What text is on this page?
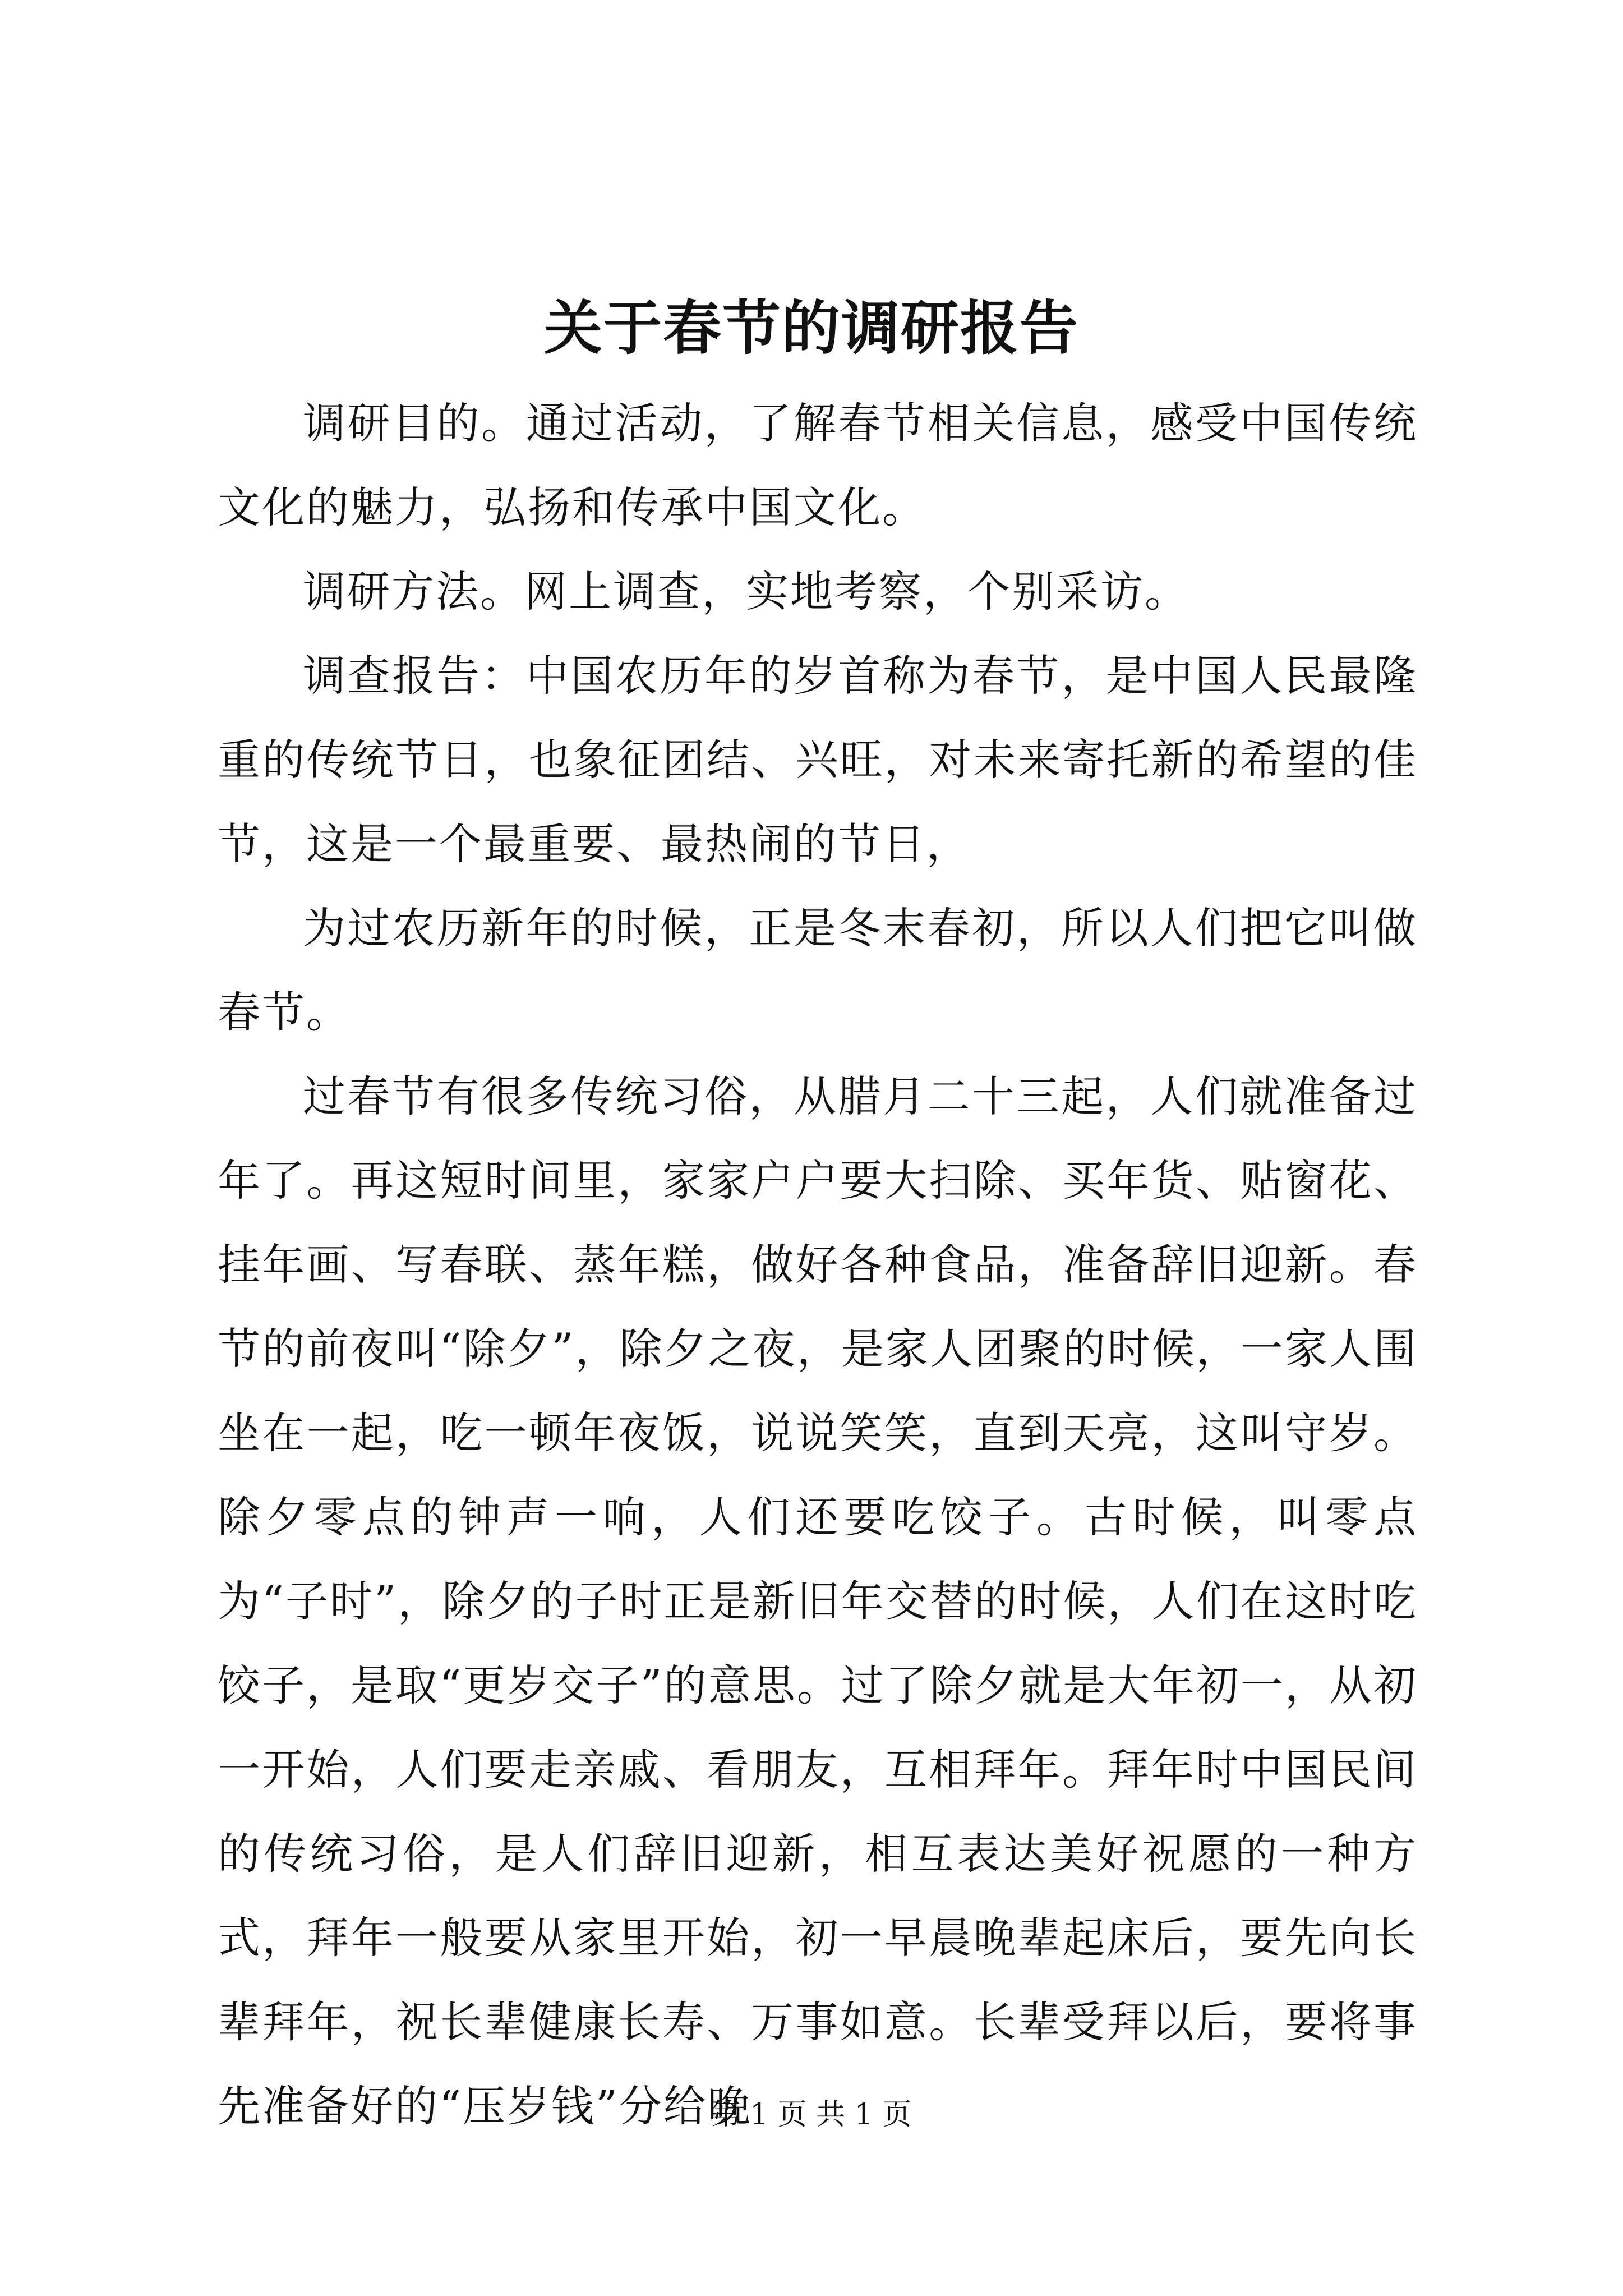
关于春节的调研报告

调研目的。通过活动，了解春节相关信息，感受中国传统文化的魅力，弘扬和传承中国文化。

调研方法。网上调查，实地考察，个别采访。

调查报告：中国农历年的岁首称为春节，是中国人民最隆重的传统节日，也象征团结、兴旺，对未来寄托新的希望的佳节，这是一个最重要、最热闹的节日，

为过农历新年的时候，正是冬末春初，所以人们把它叫做春节。

过春节有很多传统习俗，从腊月二十三起，人们就准备过年了。再这短时间里，家家户户要大扫除、买年货、贴窗花、挂年画、写春联、蒸年糕，做好各种食品，准备辞旧迎新。春节的前夜叫“除夕”，除夕之夜，是家人团聚的时候，一家人围坐在一起，吃一顿年夜饭，说说笑笑，直到天亮，这叫守岁。除夕零点的钟声一响，人们还要吃饺子。古时候，叫零点为“子时”，除夕的子时正是新旧年交替的时候，人们在这时吃饺子，是取“更岁交子”的意思。过了除夕就是大年初一，从初一开始，人们要走亲戚、看朋友，互相拜年。拜年时中国民间的传统习俗，是人们辞旧迎新，相互表达美好祝愿的一种方式，拜年一般要从家里开始，初一早晨晚辈起床后，要先向长辈拜年，祝长辈健康长寿、万事如意。长辈受拜以后，要将事先准备好的“压岁钱”分给晚

第 1 页 共 1 页
